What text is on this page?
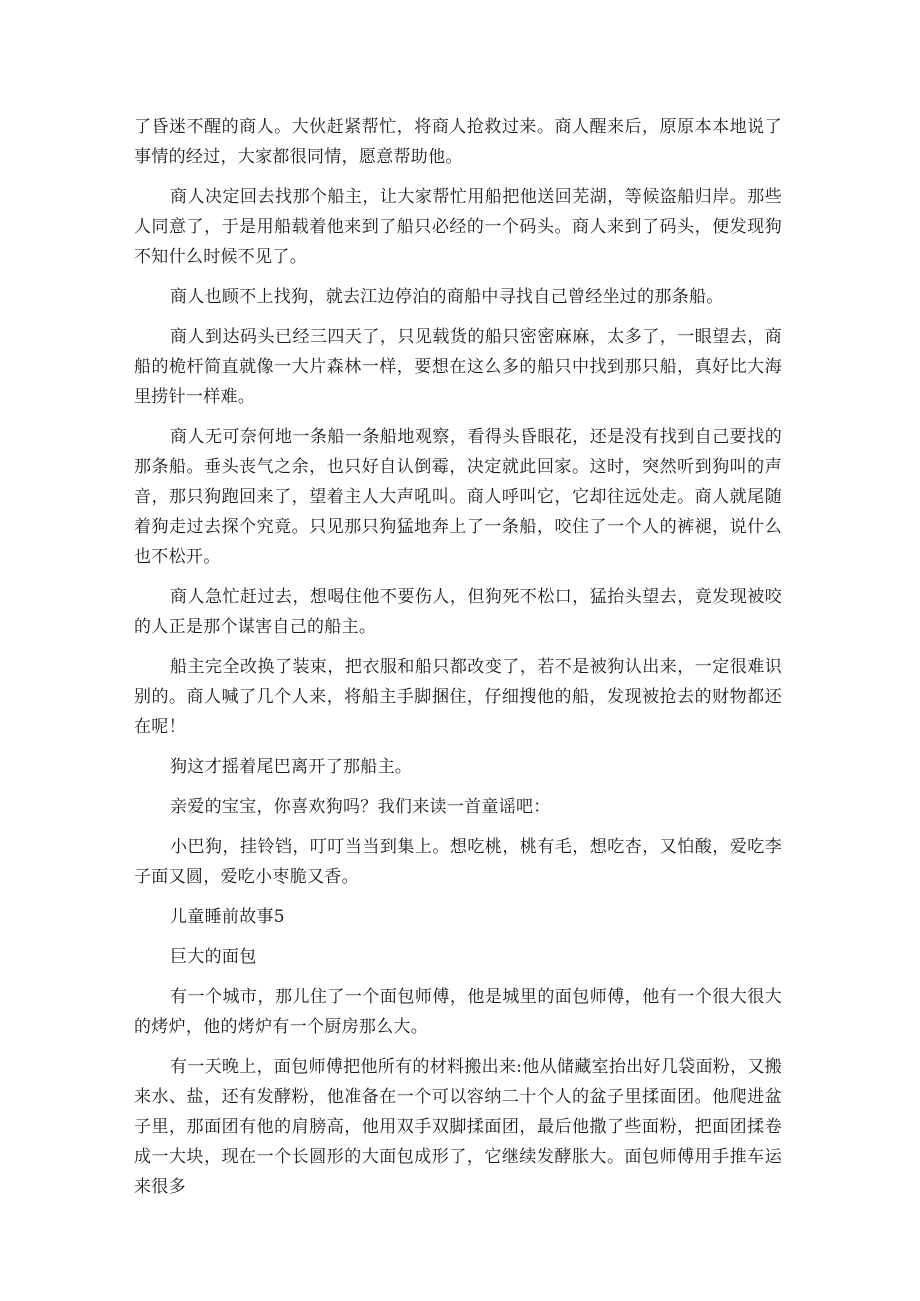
了昏迷不醒的商人。大伙赶紧帮忙，将商人抢救过来。商人醒来后，原原本本地说了事情的经过，大家都很同情，愿意帮助他。

商人决定回去找那个船主，让大家帮忙用船把他送回芜湖，等候盗船归岸。那些人同意了，于是用船载着他来到了船只必经的一个码头。商人来到了码头，便发现狗不知什么时候不见了。

商人也顾不上找狗，就去江边停泊的商船中寻找自己曾经坐过的那条船。

商人到达码头已经三四天了，只见载货的船只密密麻麻，太多了，一眼望去，商船的桅杆简直就像一大片森林一样，要想在这么多的船只中找到那只船，真好比大海里捞针一样难。

商人无可奈何地一条船一条船地观察，看得头昏眼花，还是没有找到自己要找的那条船。垂头丧气之余，也只好自认倒霉，决定就此回家。这时，突然听到狗叫的声音，那只狗跑回来了，望着主人大声吼叫。商人呼叫它，它却往远处走。商人就尾随着狗走过去探个究竟。只见那只狗猛地奔上了一条船，咬住了一个人的裤褪，说什么也不松开。

商人急忙赶过去，想喝住他不要伤人，但狗死不松口，猛抬头望去，竟发现被咬的人正是那个谋害自己的船主。

船主完全改换了装束，把衣服和船只都改变了，若不是被狗认出来，一定很难识别的。商人喊了几个人来，将船主手脚捆住，仔细搜他的船，发现被抢去的财物都还在呢！

狗这才摇着尾巴离开了那船主。

亲爱的宝宝，你喜欢狗吗？我们来读一首童谣吧：

小巴狗，挂铃铛，叮叮当当到集上。想吃桃，桃有毛，想吃杏，又怕酸，爱吃李子面又圆，爱吃小枣脆又香。

儿童睡前故事5

巨大的面包

有一个城市，那儿住了一个面包师傅，他是城里的面包师傅，他有一个很大很大的烤炉，他的烤炉有一个厨房那么大。

有一天晚上，面包师傅把他所有的材料搬出来:他从储藏室抬出好几袋面粉，又搬来水、盐，还有发酵粉，他准备在一个可以容纳二十个人的盆子里揉面团。他爬进盆子里，那面团有他的肩膀高，他用双手双脚揉面团，最后他撒了些面粉，把面团揉卷成一大块，现在一个长圆形的大面包成形了，它继续发酵胀大。面包师傅用手推车运来很多
